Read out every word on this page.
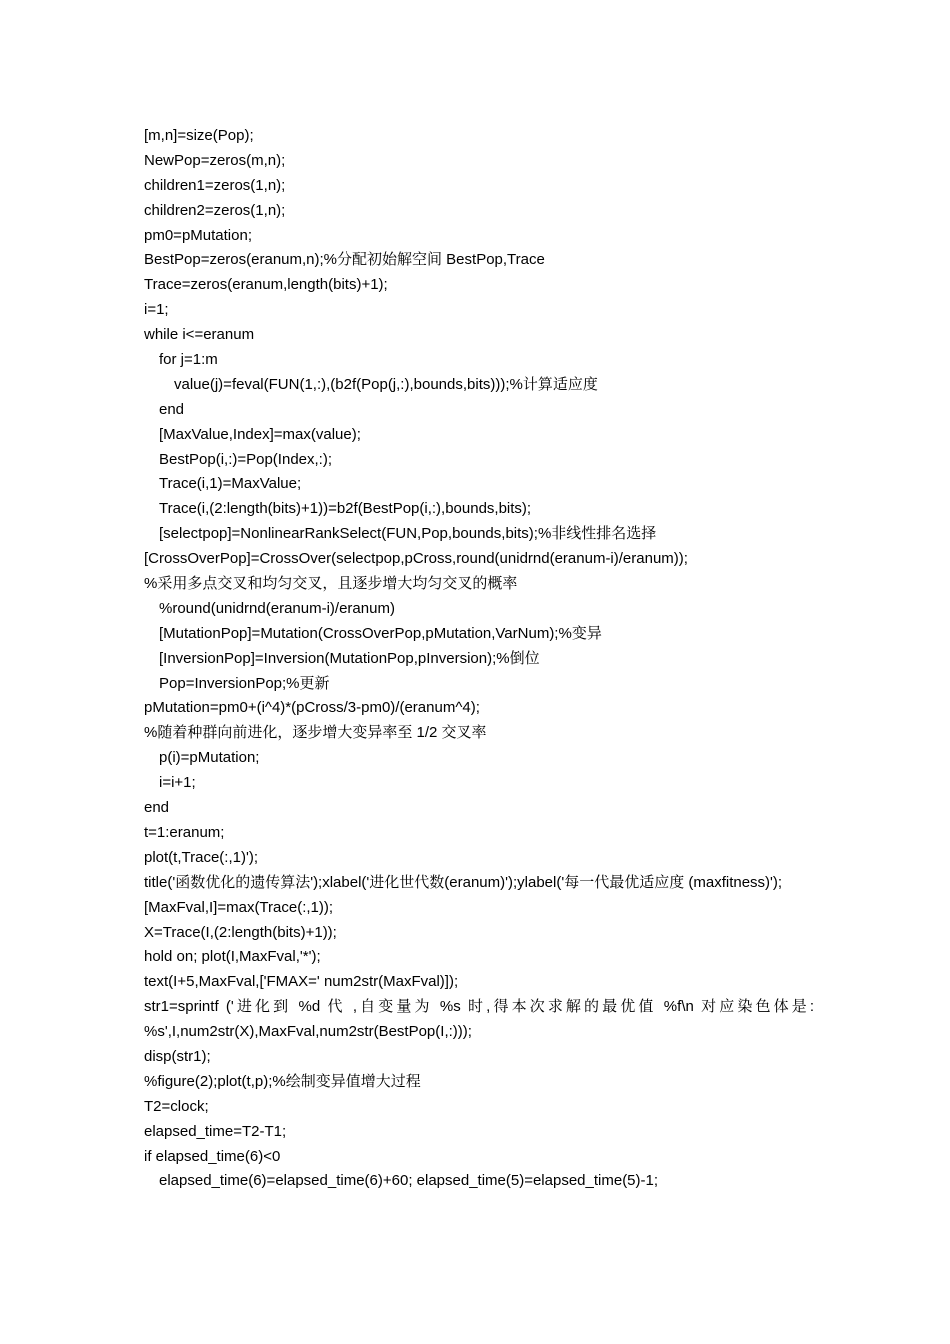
[m,n]=size(Pop);
NewPop=zeros(m,n);
children1=zeros(1,n);
children2=zeros(1,n);
pm0=pMutation;
BestPop=zeros(eranum,n);%分配初始解空间 BestPop,Trace
Trace=zeros(eranum,length(bits)+1);
i=1;
while i<=eranum
for j=1:m
value(j)=feval(FUN(1,:),(b2f(Pop(j,:),bounds,bits)));%计算适应度
end
[MaxValue,Index]=max(value);
BestPop(i,:)=Pop(Index,:);
Trace(i,1)=MaxValue;
Trace(i,(2:length(bits)+1))=b2f(BestPop(i,:),bounds,bits);
[selectpop]=NonlinearRankSelect(FUN,Pop,bounds,bits);%非线性排名选择
[CrossOverPop]=CrossOver(selectpop,pCross,round(unidrnd(eranum-i)/eranum));
%采用多点交叉和均匀交叉，且逐步增大均匀交叉的概率
%round(unidrnd(eranum-i)/eranum)
[MutationPop]=Mutation(CrossOverPop,pMutation,VarNum);%变异
[InversionPop]=Inversion(MutationPop,pInversion);%倒位
Pop=InversionPop;%更新
pMutation=pm0+(i^4)*(pCross/3-pm0)/(eranum^4);
%随着种群向前进化，逐步增大变异率至 1/2 交叉率
p(i)=pMutation;
i=i+1;
end
t=1:eranum;
plot(t,Trace(:,1)');
title('函数优化的遗传算法');xlabel('进化世代数(eranum)');ylabel('每一代最优适应度 (maxfitness)');
[MaxFval,I]=max(Trace(:,1));
X=Trace(I,(2:length(bits)+1));
hold on; plot(I,MaxFval,'*');
text(I+5,MaxFval,['FMAX=' num2str(MaxFval)]);
str1=sprintf ('进化到 %d 代 ,自变量为 %s 时,得本次求解的最优值 %f\n 对应染色体是: %s',I,num2str(X),MaxFval,num2str(BestPop(I,:)));
disp(str1);
%figure(2);plot(t,p);%绘制变异值增大过程
T2=clock;
elapsed_time=T2-T1;
if elapsed_time(6)<0
elapsed_time(6)=elapsed_time(6)+60; elapsed_time(5)=elapsed_time(5)-1;
